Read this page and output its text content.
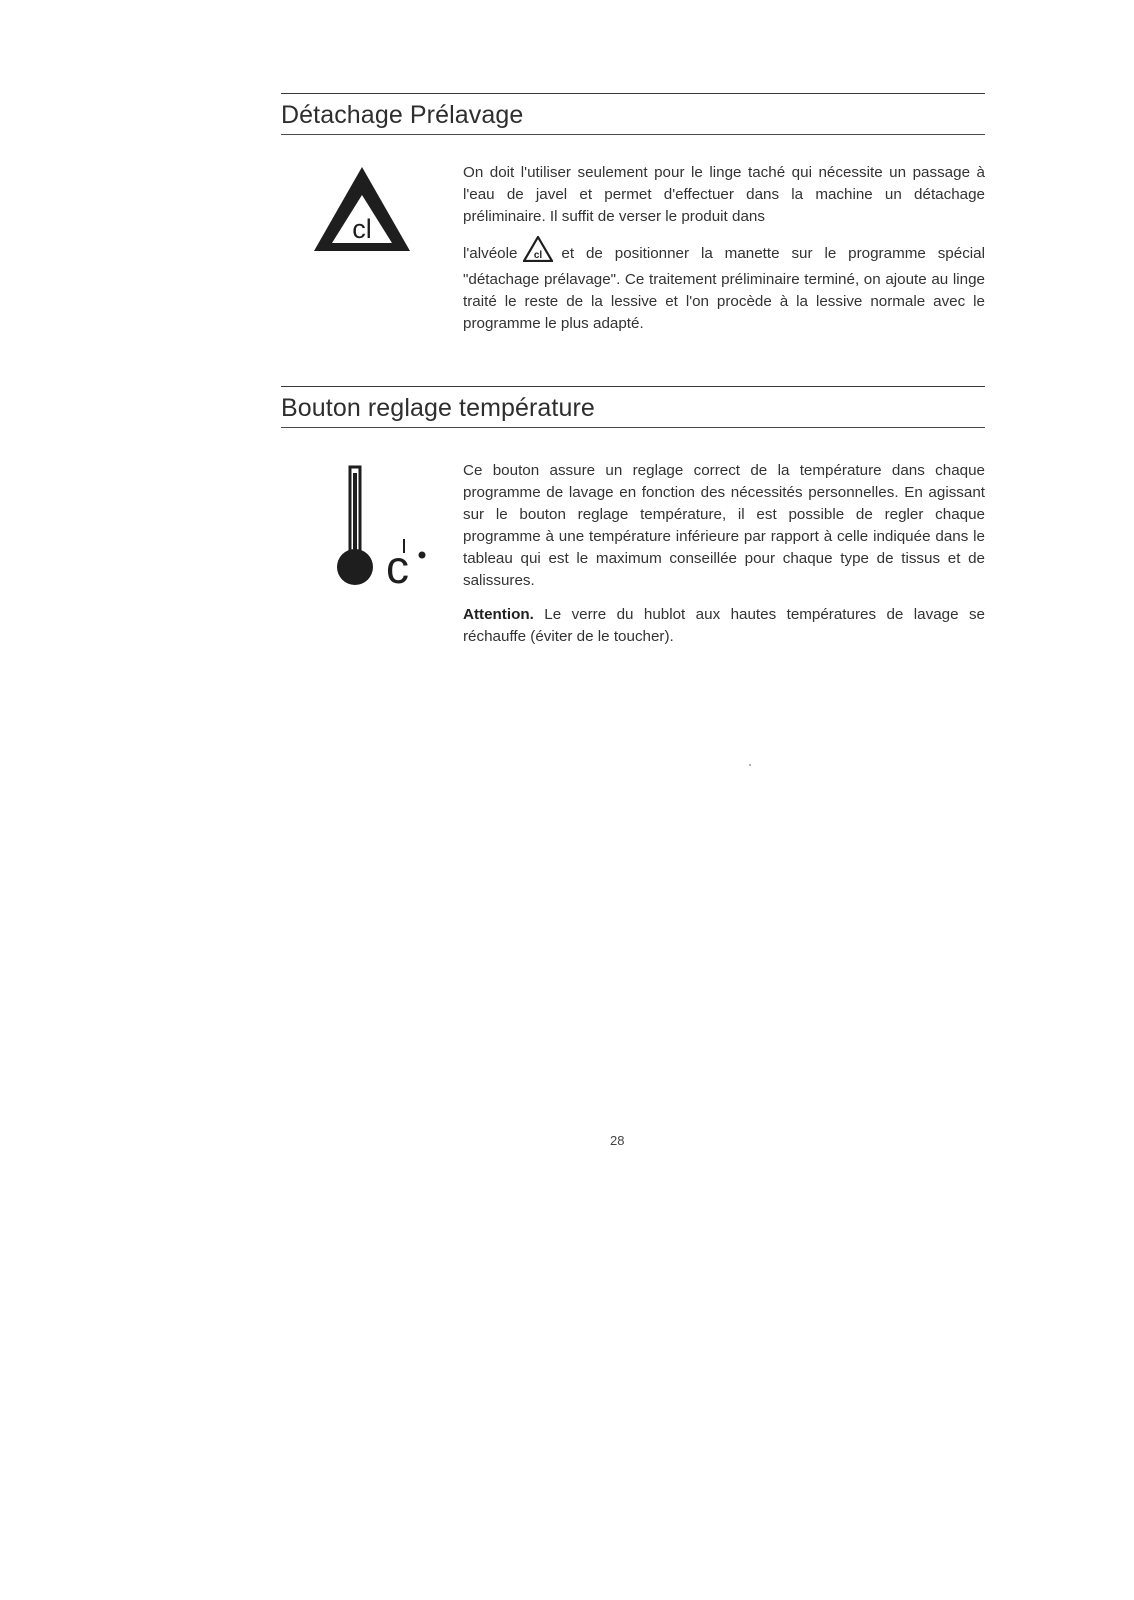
Détachage Prélavage
cl

On doit l'utiliser seulement pour le linge taché qui nécessite un passage à l'eau de javel et permet d'effectuer dans la machine un détachage préliminaire. Il suffit de verser le produit dans

l'alvéole cl et de positionner la manette sur le programme spécial "détachage prélavage". Ce traitement préliminaire terminé, on ajoute au linge traité le reste de la lessive et l'on procède à la lessive normale avec le programme le plus adapté.

Bouton reglage température
c

Ce bouton assure un reglage correct de la température dans chaque programme de lavage en fonction des nécessités personnelles. En agissant sur le bouton reglage température, il est possible de regler chaque programme à une température inférieure par rapport à celle indiquée dans le tableau qui est le maximum conseillée pour chaque type de tissus et de salissures.

Attention. Le verre du hublot aux hautes températures de lavage se réchauffe (éviter de le toucher).

28
